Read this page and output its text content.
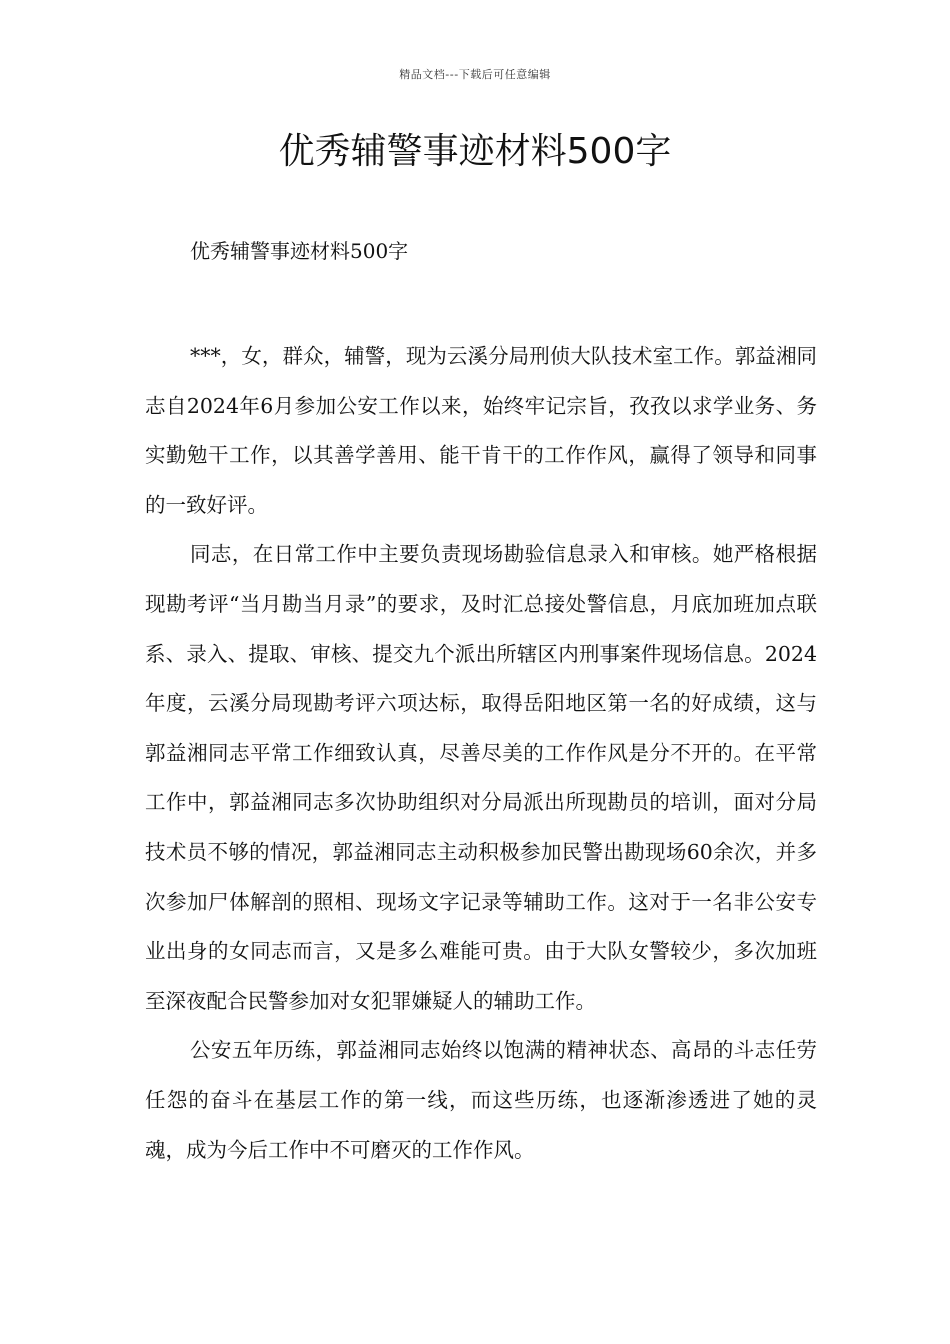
精品文档---下载后可任意编辑
优秀辅警事迹材料500字
优秀辅警事迹材料500字

***，女，群众，辅警，现为云溪分局刑侦大队技术室工作。郭益湘同志自2024年6月参加公安工作以来，始终牢记宗旨，孜孜以求学业务、务实勤勉干工作，以其善学善用、能干肯干的工作作风，赢得了领导和同事的一致好评。

同志，在日常工作中主要负责现场勘验信息录入和审核。她严格根据现勘考评“当月勘当月录”的要求，及时汇总接处警信息，月底加班加点联系、录入、提取、审核、提交九个派出所辖区内刑事案件现场信息。2024年度，云溪分局现勘考评六项达标，取得岳阳地区第一名的好成绩，这与郭益湘同志平常工作细致认真，尽善尽美的工作作风是分不开的。在平常工作中，郭益湘同志多次协助组织对分局派出所现勘员的培训，面对分局技术员不够的情况，郭益湘同志主动积极参加民警出勘现场60余次，并多次参加尸体解剖的照相、现场文字记录等辅助工作。这对于一名非公安专业出身的女同志而言，又是多么难能可贵。由于大队女警较少，多次加班至深夜配合民警参加对女犯罪嫌疑人的辅助工作。

公安五年历练，郭益湘同志始终以饱满的精神状态、高昂的斗志任劳任怨的奋斗在基层工作的第一线，而这些历练，也逐渐渗透进了她的灵魂，成为今后工作中不可磨灭的工作作风。
